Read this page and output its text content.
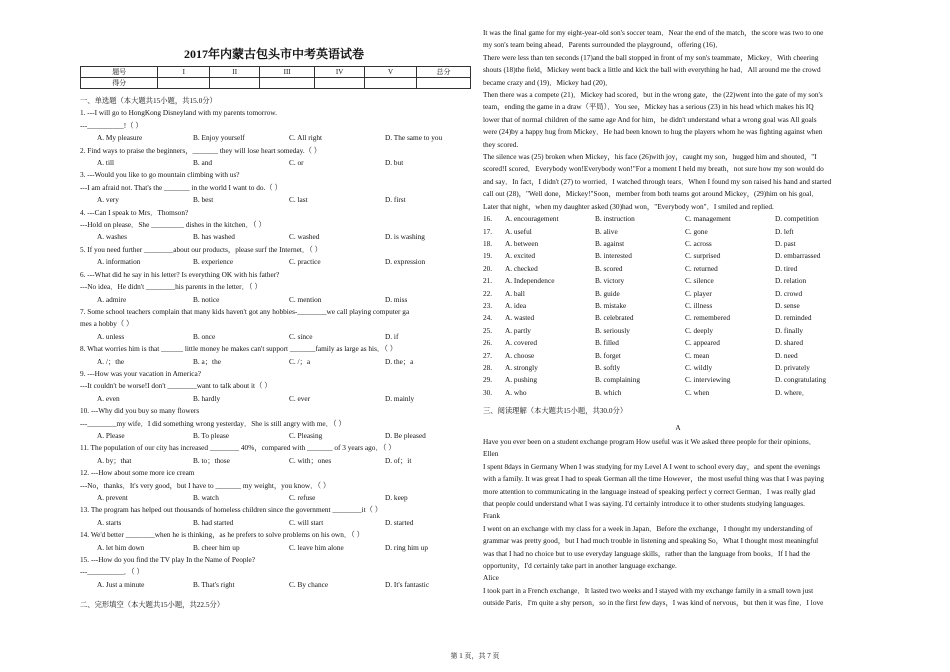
2017年内蒙古包头市中考英语试卷
题号	I	II	III	IV	V	总分
得分						
一、单选题（本大题共15小题，共15.0分）
1. ---I will go to HongKong Disneyland with my parents tomorrow.
---__________!（ ）
A. My pleasure	B. Enjoy yourself	C. All right	D. The same to you
2. Find ways to praise the beginners，_______ they will lose heart someday.（ ）
A. till	B. and	C. or	D. but
3. ---Would you like to go mountain climbing with us?
---I am afraid not. That's the _______ in the world I want to do.（ ）
A. very	B. best	C. last	D. first
4. ---Can I speak to Mrs．Thomson?
---Hold on please．She _________ dishes in the kitchen．（ ）
A. washes	B. has washed	C. washed	D. is washing
5. If you need further ________about our products，please surf the Internet．（ ）
A. information	B. experience	C. practice	D. expression
6. ---What did he say in his letter? Is everything OK with his father?
---No idea．He didn't ________his parents in the letter．（ ）
A. admire	B. notice	C. mention	D. miss
7. Some school teachers complain that many kids haven't got any hobbies-________we call playing computer ga
mes a hobby（ ）
A. unless	B. once	C. since	D. if
8. What worries him is that ______ little money he makes can't support _______family as large as his．（ ）
A. /；the	B. a；the	C. /；a	D. the；a
9. ---How was your vacation in America?
---It couldn't be worse!I don't ________want to talk about it（ ）
A. even	B. hardly	C. ever	D. mainly
10. ---Why did you buy so many flowers
---________my wife．I did something wrong yesterday．She is still angry with me．（ ）
A. Please	B. To please	C. Pleasing	D. Be pleased
11. The population of our city has increased ________ 40%，compared with _______ of 3 years ago．（ ）
A. by；that	B. to；those	C. with；ones	D. of；it
12. ---How about some more ice cream
---No，thanks．It's very good，but I have to _______ my weight，you know．（ ）
A. prevent	B. watch	C. refuse	D. keep
13. The program has helped out thousands of homeless children since the government ________it（ ）
A. starts	B. had started	C. will start	D. started
14. We'd better ________when he is thinking，as he prefers to solve problems on his own．（ ）
A. let him down	B. cheer him up	C. leave him alone	D. ring him up
15. ---How do you find the TV play In the Name of People?
---__________．（ ）
A. Just a minute	B. That's right	C. By chance	D. It's fantastic
二、完形填空（本大题共15小题，共22.5分）
It was the final game for my eight-year-old son's soccer team．Near the end of the match，the score was two to one
my son's team being ahead．Parents surrounded the playground，offering (16)．
There were less than ten seconds (17)and the ball stopped in front of my son's teammate，Mickey．With cheering
shouts (18)the field，Mickey went back a little and kick the ball with everything he had．All around me the crowd
became crazy and (19)．Mickey had (20)．
Then there was a compete (21)．Mickey had scored，but in the wrong gate，the (22)went into the gate of my son's
team，ending the game in a draw（平局）．You see，Mickey has a serious (23) in his head which makes his IQ
lower that of normal children of the same age And for him，he didn't understand what a wrong goal was All goals
were (24)by a happy hug from Mickey．He had been known to hug the players whom he was fighting against when
they scored.
The silence was (25) broken when Mickey，his face (26)with joy，caught my son，hugged him and shouted，"I
scored!I scored．Everybody won!Everybody won!"For a moment I held my breath，not sure how my son would do
and say．In fact，I didn't (27) to worried．I watched through tears．When I found my son raised his hand and started
call out (28)，"Well done，Mickey!"Soon，member from both teams got around Mickey，(29)him on his goal．
Later that night，when my daughter asked (30)had won，"Everybody won"．I smiled and replied.
16.	A. encouragement	B. instruction	C. management	D. competition
17.	A. useful	B. alive	C. gone	D. left
18.	A. between	B. against	C. across	D. past
19.	A. excited	B. interested	C. surprised	D. embarrassed
20.	A. checked	B. scored	C. returned	D. tired
21.	A. Independence	B. victory	C. silence	D. relation
22.	A. ball	B. guide	C. player	D. crowd
23.	A. idea	B. mistake	C. illness	D. sense
24.	A. wasted	B. celebrated	C. remembered	D. reminded
25.	A. partly	B. seriously	C. deeply	D. finally
26.	A. covered	B. filled	C. appeared	D. shared
27.	A. choose	B. forget	C. mean	D. need
28.	A. strongly	B. softly	C. wildly	D. privately
29.	A. pushing	B. complaining	C. interviewing	D. congratulating
30.	A. who	B. which	C. when	D. where．
三、阅读理解（本大题共15小题，共30.0分）
A
Have you ever been on a student exchange program How useful was it We asked three people for their opinions．
Ellen
I spent 8days in Germany When I was studying for my Level A I went to school every day，and spent the evenings
with a family. It was great I had to speak German all the time However，the most useful thing was that I was paying
more attention to communicating in the language instead of speaking perfect y correct German．I was really glad
that people could understand what I was saying. I'd certainly introduce it to other students studying languages.
Frank
I went on an exchange with my class for a week in Japan．Before the exchange，I thought my understanding of
grammar was pretty good，but I had much trouble in listening and speaking So，What I thought most meaningful
was that I had no choice but to use everyday language skills，rather than the language from books．If I had the
opportunity，I'd certainly take part in another language exchange.
Alice
I took part in a French exchange．It lasted two weeks and I stayed with my exchange family in a small town just
outside Paris．I'm quite a shy person，so in the first few days，I was kind of nervous，but then it was fine．I love
第 1 页，共 7 页
